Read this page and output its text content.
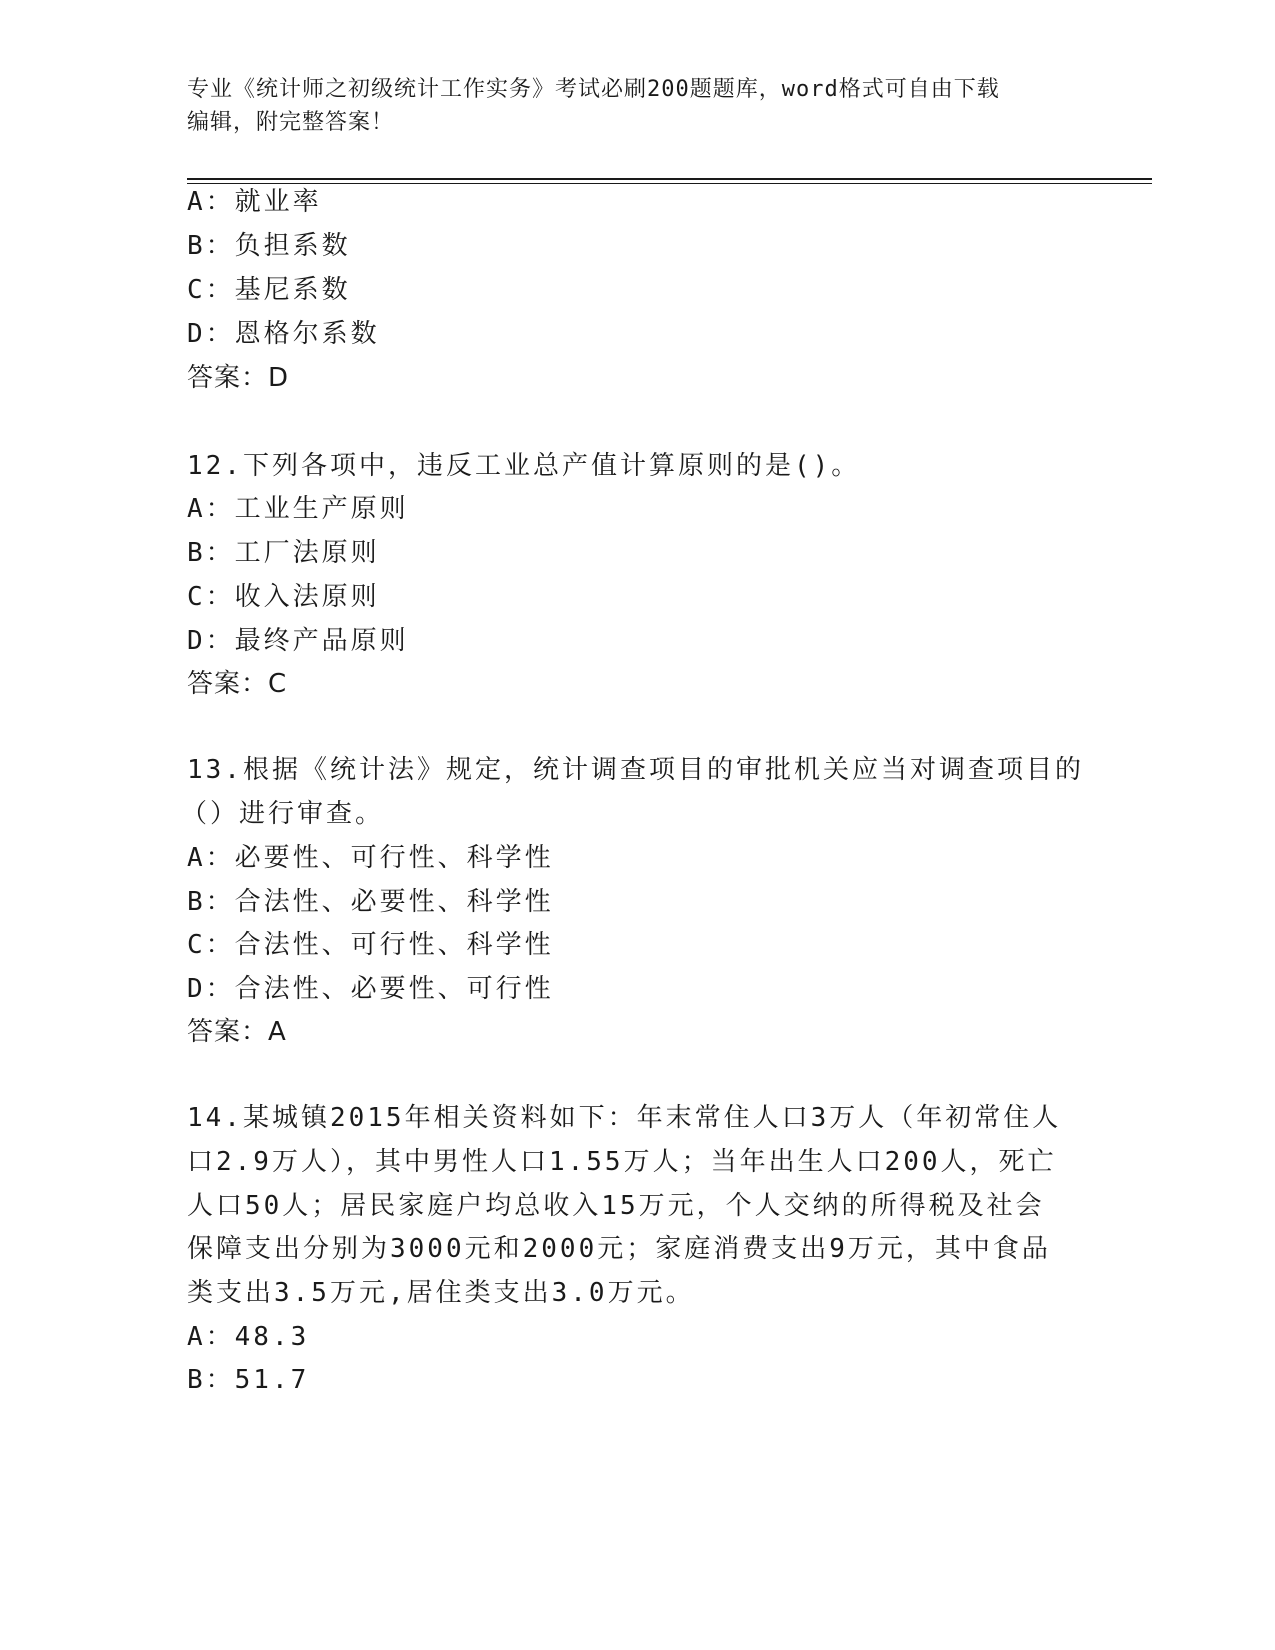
专业《统计师之初级统计工作实务》考试必刷200题题库，word格式可自由下载
编辑，附完整答案！
A：就业率
B：负担系数
C：基尼系数
D：恩格尔系数
答案：D
12.下列各项中，违反工业总产值计算原则的是()。
A：工业生产原则
B：工厂法原则
C：收入法原则
D：最终产品原则
答案：C
13.根据《统计法》规定，统计调查项目的审批机关应当对调查项目的
（）进行审查。
A：必要性、可行性、科学性
B：合法性、必要性、科学性
C：合法性、可行性、科学性
D：合法性、必要性、可行性
答案：A
14.某城镇2015年相关资料如下：年末常住人口3万人（年初常住人
口2.9万人），其中男性人口1.55万人；当年出生人口200人，死亡
人口50人；居民家庭户均总收入15万元，个人交纳的所得税及社会
保障支出分别为3000元和2000元；家庭消费支出9万元，其中食品
类支出3.5万元,居住类支出3.0万元。
A：48.3
B：51.7
